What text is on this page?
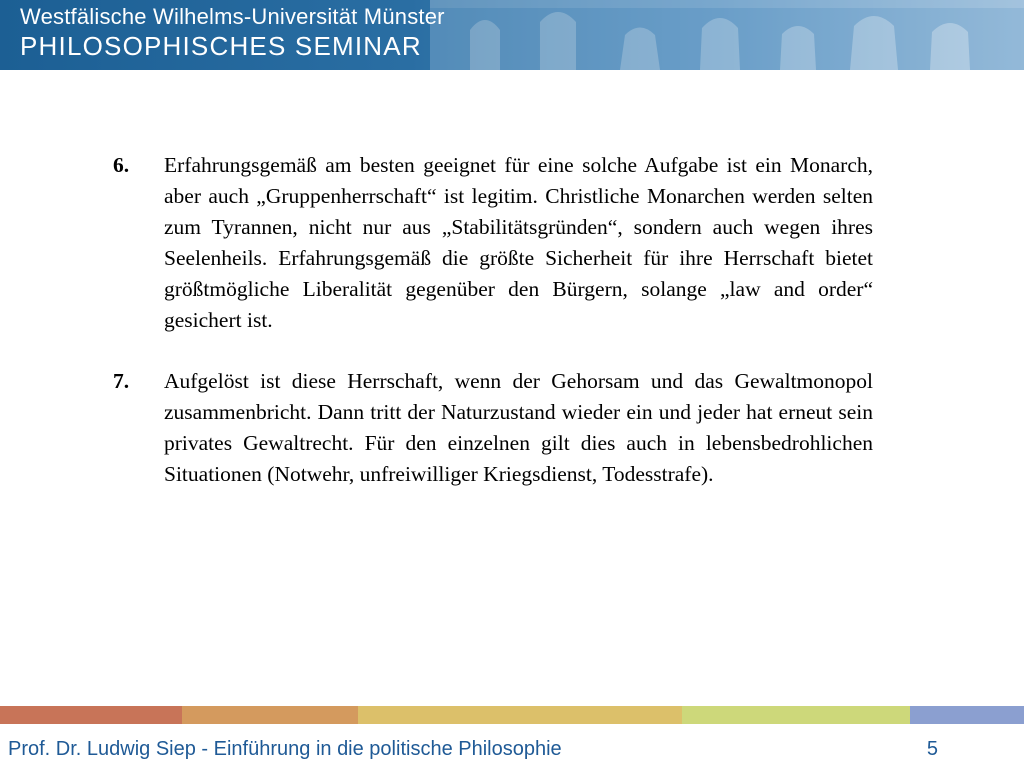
Westfälische Wilhelms-Universität Münster
PHILOSOPHISCHES SEMINAR
6.	Erfahrungsgemäß am besten geeignet für eine solche Aufgabe ist ein Monarch, aber auch „Gruppenherrschaft“ ist legitim. Christliche Monarchen werden selten zum Tyrannen, nicht nur aus „Stabilitätsgründen“, sondern auch wegen ihres Seelenheils. Erfahrungsgemäß die größte Sicherheit für ihre Herrschaft bietet größtmögliche Liberalität gegenüber den Bürgern, solange „law and order“ gesichert ist.
7.	Aufgelöst ist diese Herrschaft, wenn der Gehorsam und das Gewaltmonopol zusammenbricht. Dann tritt der Naturzustand wieder ein und jeder hat erneut sein privates Gewaltrecht. Für den einzelnen gilt dies auch in lebensbedrohlichen Situationen (Notwehr, unfreiwilliger Kriegsdienst, Todesstrafe).
Prof. Dr. Ludwig Siep - Einführung in die politische Philosophie	5
